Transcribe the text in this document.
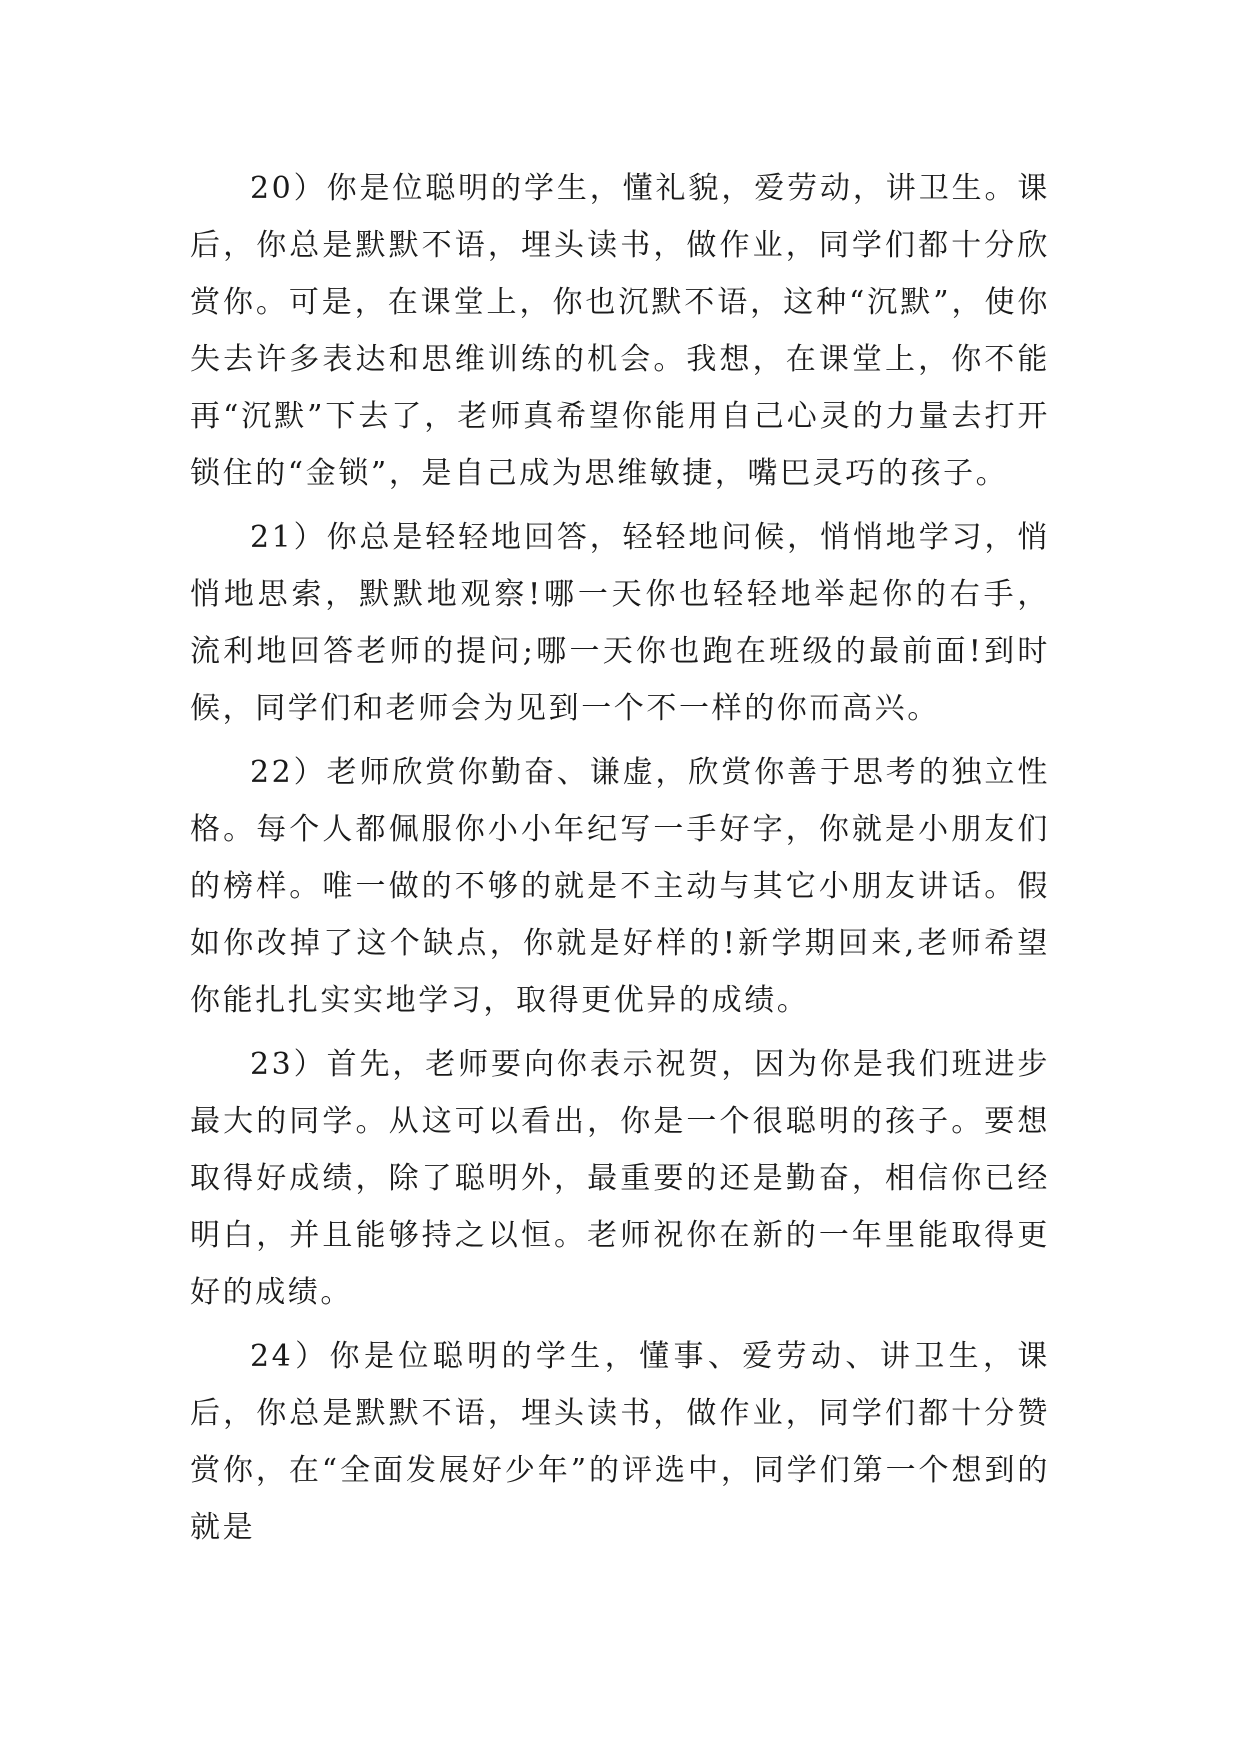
20）你是位聪明的学生，懂礼貌，爱劳动，讲卫生。课后，你总是默默不语，埋头读书，做作业，同学们都十分欣赏你。可是，在课堂上，你也沉默不语，这种“沉默”，使你失去许多表达和思维训练的机会。我想，在课堂上，你不能再“沉默”下去了，老师真希望你能用自己心灵的力量去打开锁住的“金锁”，是自己成为思维敏捷，嘴巴灵巧的孩子。

21）你总是轻轻地回答，轻轻地问候，悄悄地学习，悄悄地思索，默默地观察!哪一天你也轻轻地举起你的右手，流利地回答老师的提问;哪一天你也跑在班级的最前面!到时候，同学们和老师会为见到一个不一样的你而高兴。

22）老师欣赏你勤奋、谦虚，欣赏你善于思考的独立性格。每个人都佩服你小小年纪写一手好字，你就是小朋友们的榜样。唯一做的不够的就是不主动与其它小朋友讲话。假如你改掉了这个缺点，你就是好样的!新学期回来,老师希望你能扎扎实实地学习，取得更优异的成绩。

23）首先，老师要向你表示祝贺，因为你是我们班进步最大的同学。从这可以看出，你是一个很聪明的孩子。要想取得好成绩，除了聪明外，最重要的还是勤奋，相信你已经明白，并且能够持之以恒。老师祝你在新的一年里能取得更好的成绩。

24）你是位聪明的学生，懂事、爱劳动、讲卫生，课后，你总是默默不语，埋头读书，做作业，同学们都十分赞赏你，在“全面发展好少年”的评选中，同学们第一个想到的就是
